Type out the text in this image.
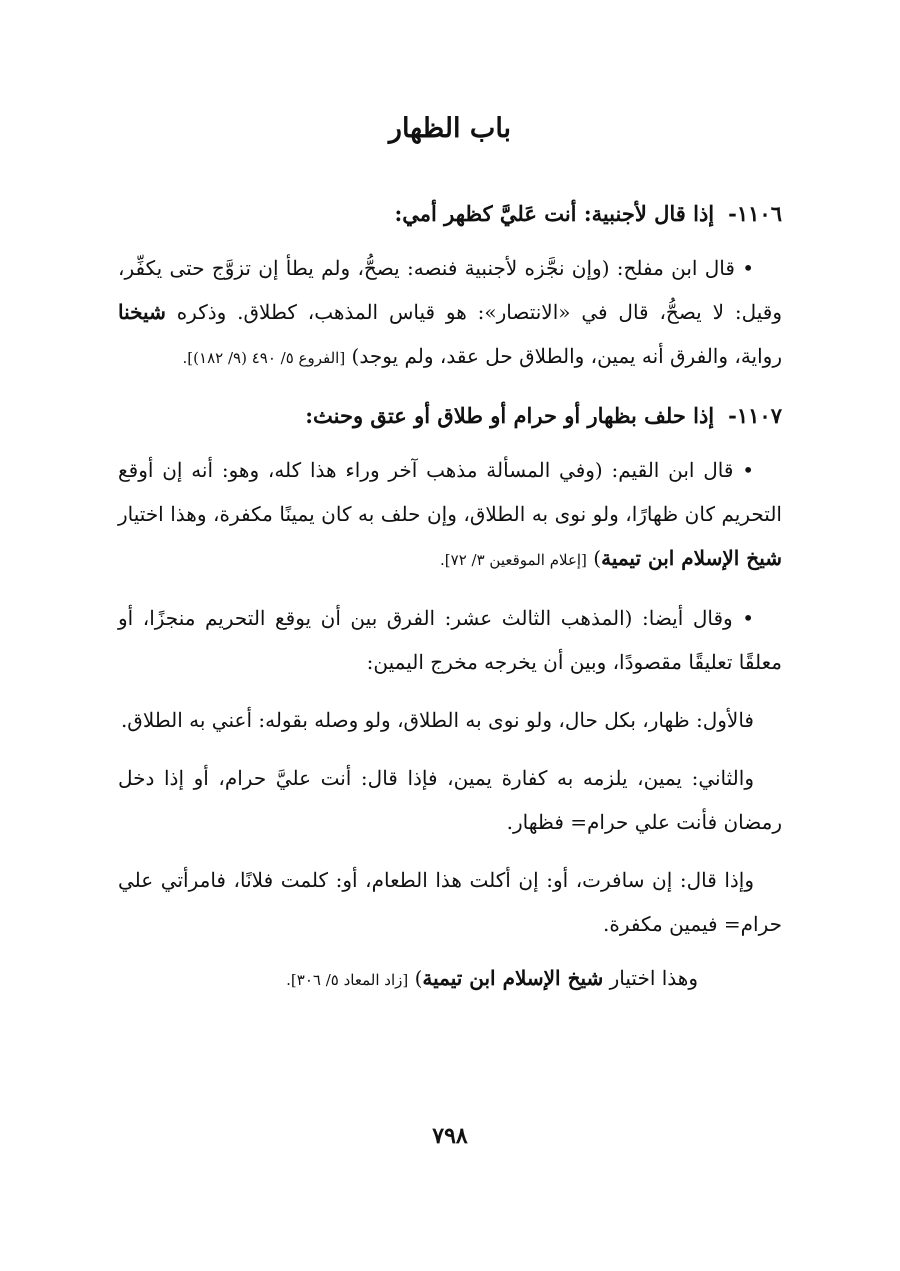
باب الظهار
١١٠٦-إذا قال لأجنبية: أنت عَليَّ كظهر أمي:

• قال ابن مفلح: (وإن نجَّزه لأجنبية فنصه: يصحُّ، ولم يطأ إن تزوَّج حتى يكفِّر، وقيل: لا يصحُّ، قال في «الانتصار»: هو قياس المذهب، كطلاق. وذكره شيخنا رواية، والفرق أنه يمين، والطلاق حل عقد، ولم يوجد) [الفروع ٥/ ٤٩٠ (٩/ ١٨٢)].

١١٠٧-إذا حلف بظهار أو حرام أو طلاق أو عتق وحنث:

• قال ابن القيم: (وفي المسألة مذهب آخر وراء هذا كله، وهو: أنه إن أوقع التحريم كان ظهارًا، ولو نوى به الطلاق، وإن حلف به كان يمينًا مكفرة، وهذا اختيار شيخ الإسلام ابن تيمية) [إعلام الموقعين ٣/ ٧٢].

• وقال أيضا: (المذهب الثالث عشر: الفرق بين أن يوقع التحريم منجزًا، أو معلقًا تعليقًا مقصودًا، وبين أن يخرجه مخرج اليمين:

فالأول: ظهار، بكل حال، ولو نوى به الطلاق، ولو وصله بقوله: أعني به الطلاق.

والثاني: يمين، يلزمه به كفارة يمين، فإذا قال: أنت عليَّ حرام، أو إذا دخل رمضان فأنت علي حرام= فظهار.

وإذا قال: إن سافرت، أو: إن أكلت هذا الطعام، أو: كلمت فلانًا، فامرأتي علي حرام= فيمين مكفرة.

وهذا اختيار شيخ الإسلام ابن تيمية) [زاد المعاد ٥/ ٣٠٦].

٧٩٨
